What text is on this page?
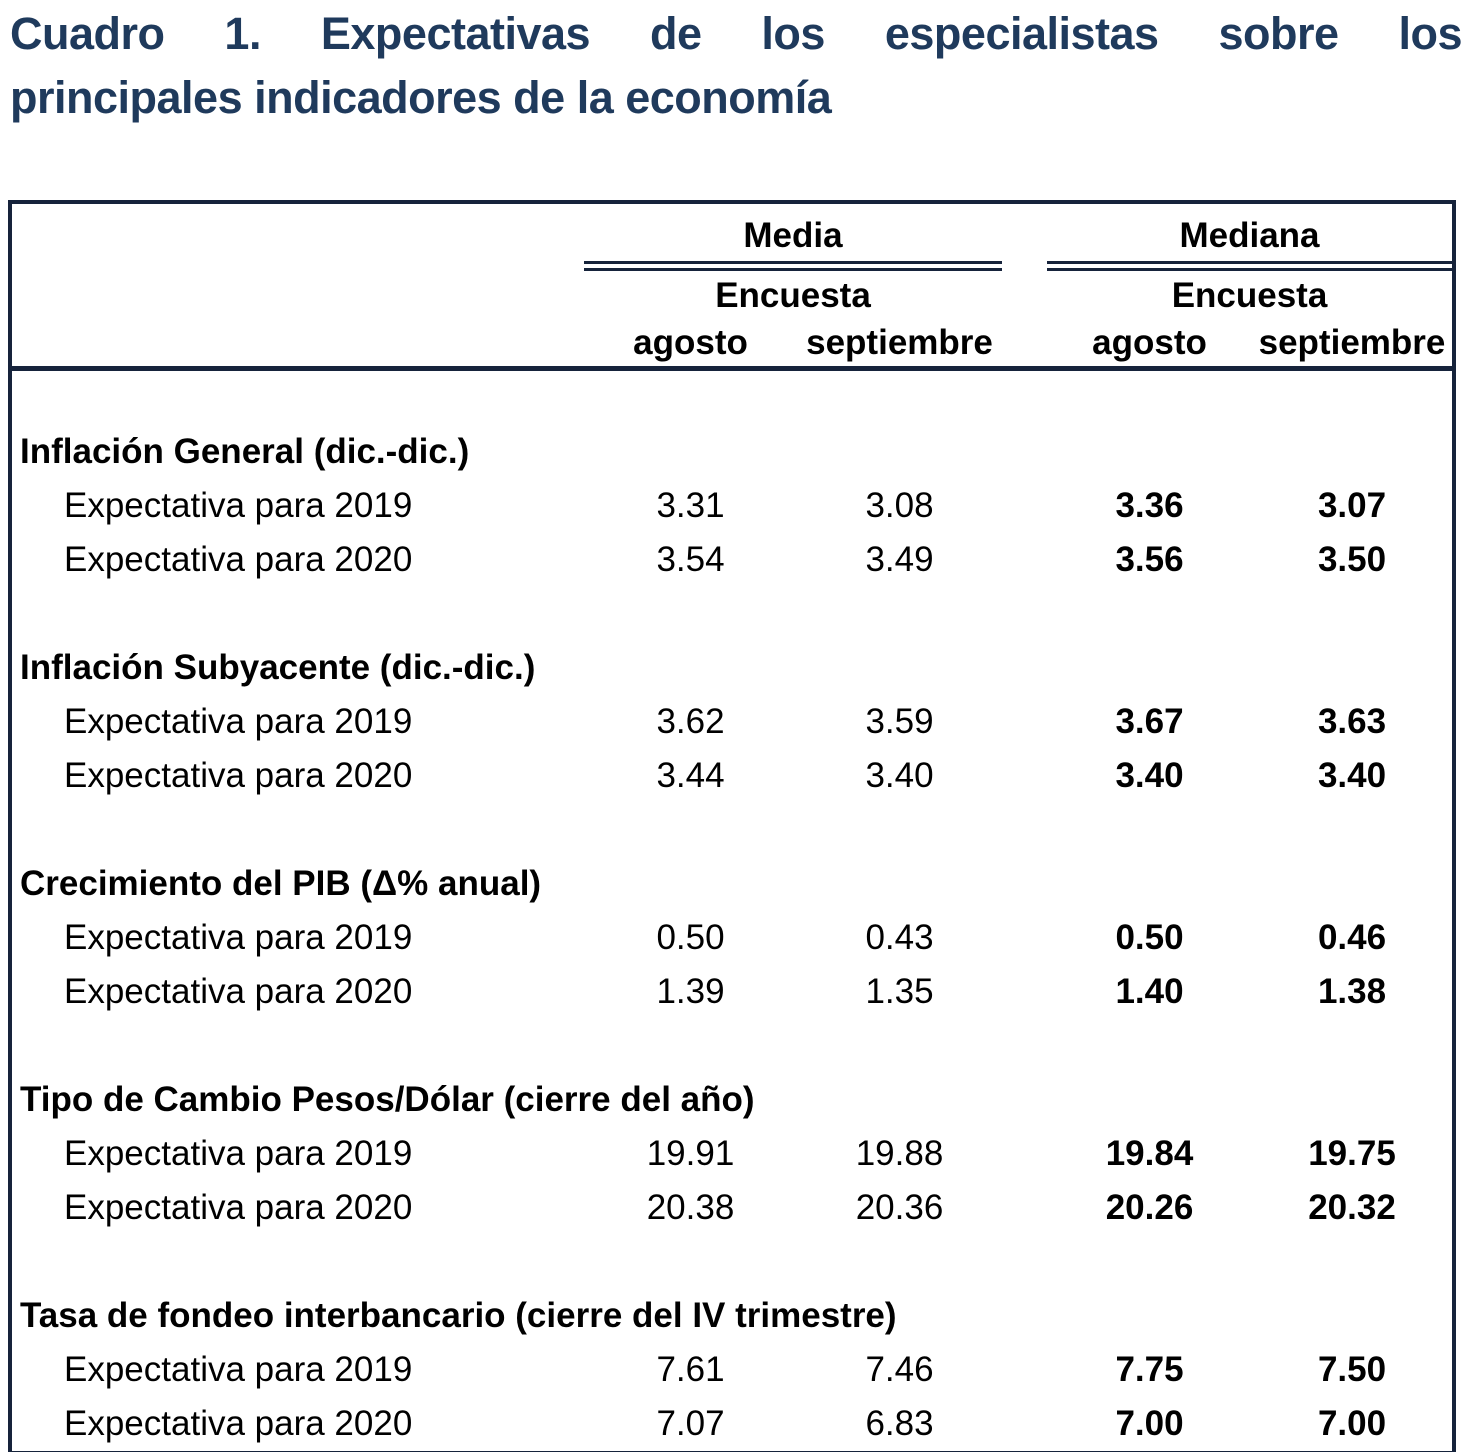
Cuadro 1. Expectativas de los especialistas sobre los
principales indicadores de la economía
Media	Mediana
Encuesta	Encuesta
agosto	septiembre	agosto	septiembre
Inflación General (dic.-dic.)
Expectativa para 2019	3.31	3.08	3.36	3.07
Expectativa para 2020	3.54	3.49	3.56	3.50
Inflación Subyacente (dic.-dic.)
Expectativa para 2019	3.62	3.59	3.67	3.63
Expectativa para 2020	3.44	3.40	3.40	3.40
Crecimiento del PIB (Δ% anual)
Expectativa para 2019	0.50	0.43	0.50	0.46
Expectativa para 2020	1.39	1.35	1.40	1.38
Tipo de Cambio Pesos/Dólar (cierre del año)
Expectativa para 2019	19.91	19.88	19.84	19.75
Expectativa para 2020	20.38	20.36	20.26	20.32
Tasa de fondeo interbancario (cierre del IV trimestre)
Expectativa para 2019	7.61	7.46	7.75	7.50
Expectativa para 2020	7.07	6.83	7.00	7.00
